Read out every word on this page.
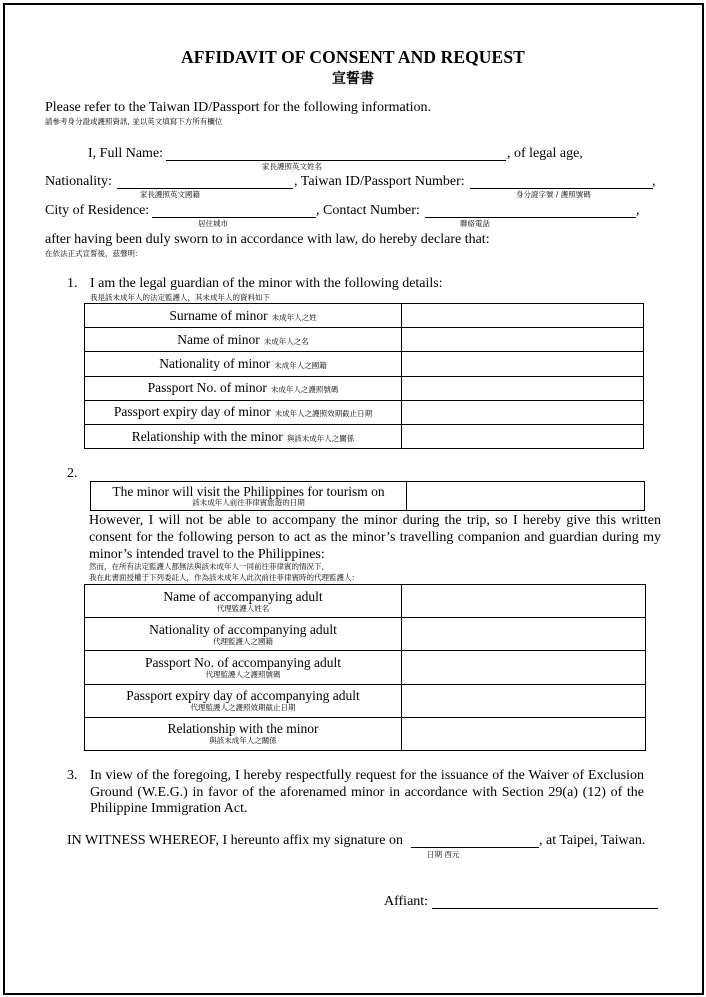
AFFIDAVIT OF CONSENT AND REQUEST
宣誓書
Please refer to the Taiwan ID/Passport for the following information.
請參考身分證或護照資訊, 並以英文填寫下方所有欄位
I, Full Name:
家長護照英文姓名
, of legal age,
Nationality:
家長護照英文國籍
, Taiwan ID/Passport Number:	,
身分證字號 / 護照號碼
City of Residence:
居住城市
, Contact Number:	,
聯絡電話
after having been duly sworn to in accordance with law, do hereby declare that:
在依法正式宣誓後，茲聲明：
1. I am the legal guardian of the minor with the following details:
我是該未成年人的法定監護人，其未成年人的資料如下
Surname of minor 未成年人之姓	
Name of minor 未成年人之名	
Nationality of minor 未成年人之國籍	
Passport No. of minor 未成年人之護照號碼	
Passport expiry day of minor 未成年人之護照效期截止日期	
Relationship with the minor 與該未成年人之關係	
2.
The minor will visit the Philippines for tourism on
該未成年人前往菲律賓旅遊的日期

However, I will not be able to accompany the minor during the trip, so I hereby give this written consent for the following person to act as the minor’s travelling companion and guardian during my minor’s intended travel to the Philippines:
然而，在所有法定監護人都無法與該未成年人一同前往菲律賓的情況下，
我在此書面授權于下列委託人，作為該未成年人此次前往菲律賓時的代理監護人：
Name of accompanying adult
代理監護人姓名	

Nationality of accompanying adult
代理監護人之國籍	

Passport No. of accompanying adult
代理監護人之護照號碼	

Passport expiry day of accompanying adult
代理監護人之護照效期截止日期	

Relationship with the minor
與該未成年人之關係	

3. In view of the foregoing, I hereby respectfully request for the issuance of the Waiver of Exclusion Ground (W.E.G.) in favor of the aforenamed minor in accordance with Section 29(a) (12) of the Philippine Immigration Act.
IN WITNESS WHEREOF, I hereunto affix my signature on	, at Taipei, Taiwan.
日期 西元
Affiant:
